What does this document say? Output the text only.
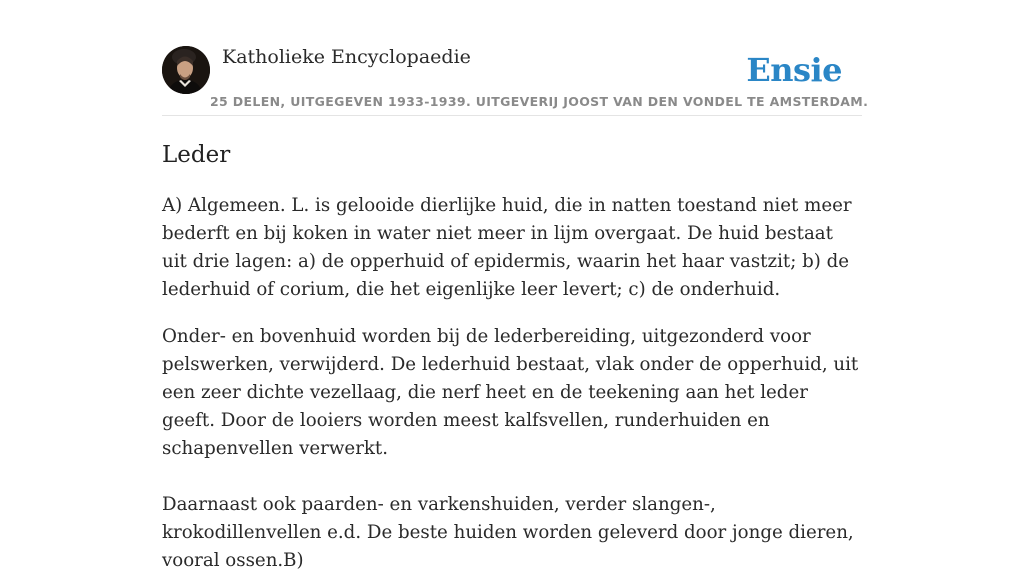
Katholieke Encyclopaedie	Ensie
25 DELEN, UITGEGEVEN 1933-1939. UITGEVERIJ JOOST VAN DEN VONDEL TE AMSTERDAM.
Leder

A) Algemeen. L. is gelooide dierlijke huid, die in natten toestand niet meer bederft en bij koken in water niet meer in lijm overgaat. De huid bestaat uit drie lagen: a) de opperhuid of epidermis, waarin het haar vastzit; b) de lederhuid of corium, die het eigenlijke leer levert; c) de onderhuid.

Onder- en bovenhuid worden bij de lederbereiding, uitgezonderd voor pelswerken, verwijderd. De lederhuid bestaat, vlak onder de opperhuid, uit een zeer dichte vezellaag, die nerf heet en de teekening aan het leder geeft. Door de looiers worden meest kalfsvellen, runderhuiden en schapenvellen verwerkt.

Daarnaast ook paarden- en varkenshuiden, verder slangen-, krokodillenvellen e.d. De beste huiden worden geleverd door jonge dieren, vooral ossen.B)
